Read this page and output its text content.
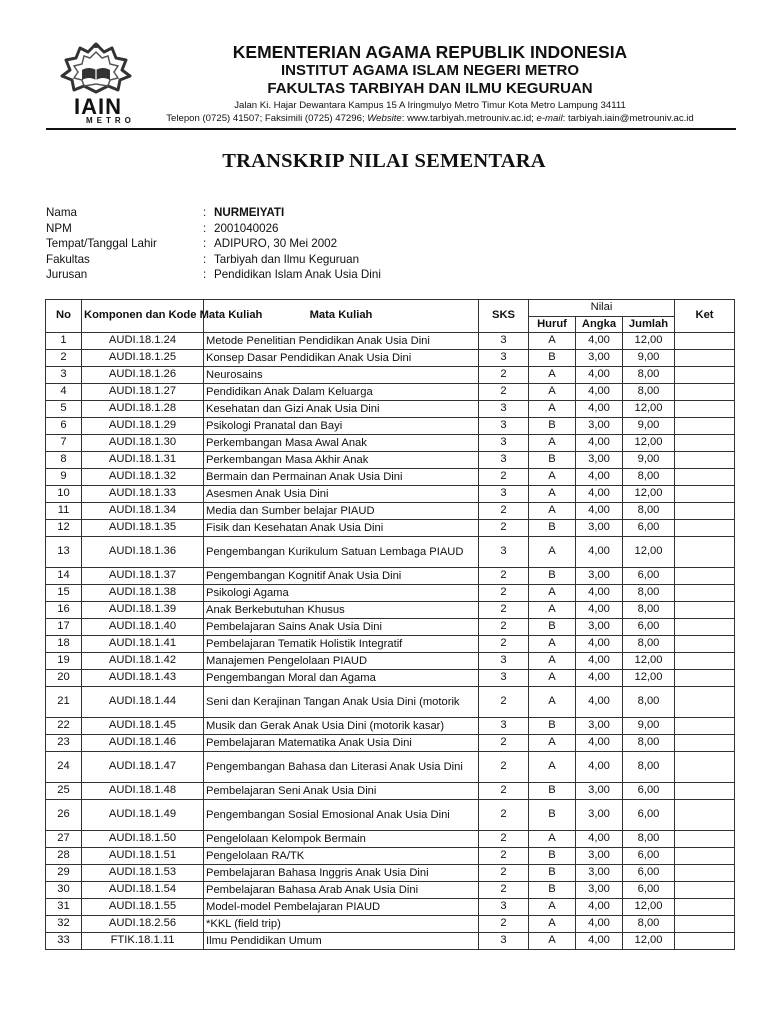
IAIN
METRO
KEMENTERIAN AGAMA REPUBLIK INDONESIA
INSTITUT AGAMA ISLAM NEGERI METRO
FAKULTAS TARBIYAH DAN ILMU KEGURUAN
Jalan Ki. Hajar Dewantara Kampus 15 A Iringmulyo Metro Timur Kota Metro Lampung 34111
Telepon (0725) 41507; Faksimili (0725) 47296; Website: www.tarbiyah.metrouniv.ac.id; e-mail: tarbiyah.iain@metrouniv.ac.id
TRANSKRIP NILAI SEMENTARA
Nama	: NURMEIYATI
NPM	: 2001040026
Tempat/Tanggal Lahir	: ADIPURO, 30 Mei 2002
Fakultas	: Tarbiyah dan Ilmu Keguruan
Jurusan	: Pendidikan Islam Anak Usia Dini
No	Komponen dan Kode Mata Kuliah	Mata Kuliah	SKS	Nilai			Ket
				Huruf	Angka	Jumlah	
1	AUDI.18.1.24	Metode Penelitian Pendidikan Anak Usia Dini	3	A	4,00	12,00	
2	AUDI.18.1.25	Konsep Dasar Pendidikan Anak Usia Dini	3	B	3,00	9,00	
3	AUDI.18.1.26	Neurosains	2	A	4,00	8,00	
4	AUDI.18.1.27	Pendidikan Anak Dalam Keluarga	2	A	4,00	8,00	
5	AUDI.18.1.28	Kesehatan dan Gizi Anak Usia Dini	3	A	4,00	12,00	
6	AUDI.18.1.29	Psikologi Pranatal dan Bayi	3	B	3,00	9,00	
7	AUDI.18.1.30	Perkembangan Masa Awal Anak	3	A	4,00	12,00	
8	AUDI.18.1.31	Perkembangan Masa Akhir Anak	3	B	3,00	9,00	
9	AUDI.18.1.32	Bermain dan Permainan Anak Usia Dini	2	A	4,00	8,00	
10	AUDI.18.1.33	Asesmen Anak Usia Dini	3	A	4,00	12,00	
11	AUDI.18.1.34	Media dan Sumber belajar PIAUD	2	A	4,00	8,00	
12	AUDI.18.1.35	Fisik dan Kesehatan Anak Usia Dini	2	B	3,00	6,00	
13	AUDI.18.1.36	Pengembangan Kurikulum Satuan Lembaga PIAUD	3	A	4,00	12,00	
14	AUDI.18.1.37	Pengembangan Kognitif Anak Usia Dini	2	B	3,00	6,00	
15	AUDI.18.1.38	Psikologi Agama	2	A	4,00	8,00	
16	AUDI.18.1.39	Anak Berkebutuhan Khusus	2	A	4,00	8,00	
17	AUDI.18.1.40	Pembelajaran Sains Anak Usia Dini	2	B	3,00	6,00	
18	AUDI.18.1.41	Pembelajaran Tematik Holistik Integratif	2	A	4,00	8,00	
19	AUDI.18.1.42	Manajemen Pengelolaan PIAUD	3	A	4,00	12,00	
20	AUDI.18.1.43	Pengembangan Moral dan Agama	3	A	4,00	12,00	
21	AUDI.18.1.44	Seni dan Kerajinan Tangan Anak Usia Dini (motorik	2	A	4,00	8,00	
22	AUDI.18.1.45	Musik dan Gerak Anak Usia Dini (motorik kasar)	3	B	3,00	9,00	
23	AUDI.18.1.46	Pembelajaran Matematika Anak Usia Dini	2	A	4,00	8,00	
24	AUDI.18.1.47	Pengembangan Bahasa dan Literasi Anak Usia Dini	2	A	4,00	8,00	
25	AUDI.18.1.48	Pembelajaran Seni Anak Usia Dini	2	B	3,00	6,00	
26	AUDI.18.1.49	Pengembangan Sosial Emosional Anak Usia Dini	2	B	3,00	6,00	
27	AUDI.18.1.50	Pengelolaan Kelompok Bermain	2	A	4,00	8,00	
28	AUDI.18.1.51	Pengelolaan RA/TK	2	B	3,00	6,00	
29	AUDI.18.1.53	Pembelajaran Bahasa Inggris Anak Usia Dini	2	B	3,00	6,00	
30	AUDI.18.1.54	Pembelajaran Bahasa Arab Anak Usia Dini	2	B	3,00	6,00	
31	AUDI.18.1.55	Model-model Pembelajaran PIAUD	3	A	4,00	12,00	
32	AUDI.18.2.56	*KKL (field trip)	2	A	4,00	8,00	
33	FTIK.18.1.11	Ilmu Pendidikan Umum	3	A	4,00	12,00	
